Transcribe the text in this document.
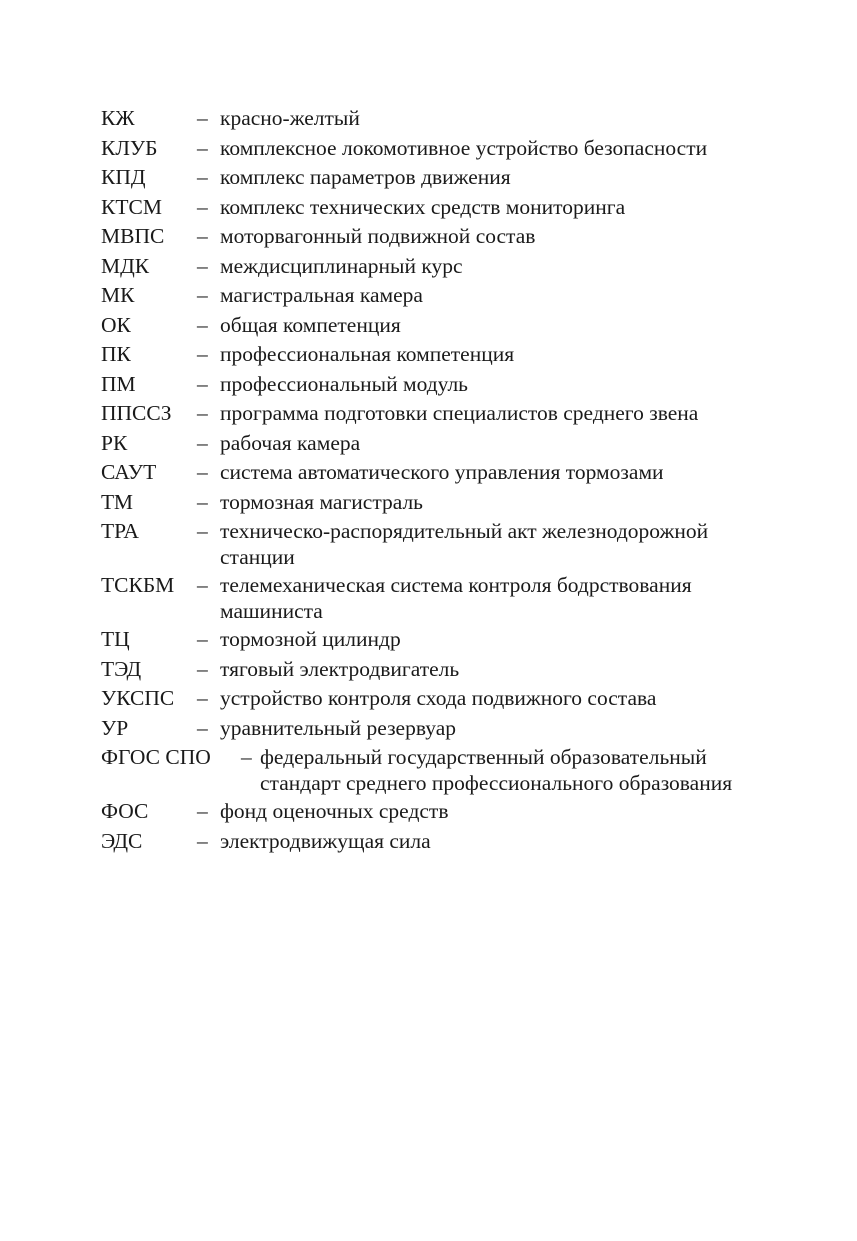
КЖ	– красно-желтый
КЛУБ – комплексное локомотивное устройство безопасности
КПД – комплекс параметров движения
КТСМ – комплекс технических средств мониторинга
МВПС – моторвагонный подвижной состав
МДК – междисциплинарный курс
МК	– магистральная камера
ОК	– общая компетенция
ПК	– профессиональная компетенция
ПМ	– профессиональный модуль
ППССЗ – программа подготовки специалистов среднего звена
РК	– рабочая камера
САУТ – система автоматического управления тормозами
ТМ	– тормозная магистраль
ТРА	– техническо-распорядительный акт железнодорожной
станции
ТСКБМ – телемеханическая система контроля бодрствования
машиниста
ТЦ	– тормозной цилиндр
ТЭД	– тяговый электродвигатель
УКСПС – устройство контроля схода подвижного состава
УР	– уравнительный резервуар
ФГОС СПО – федеральный государственный образовательный
стандарт среднего профессионального образования
ФОС – фонд оценочных средств
ЭДС	– электродвижущая сила
